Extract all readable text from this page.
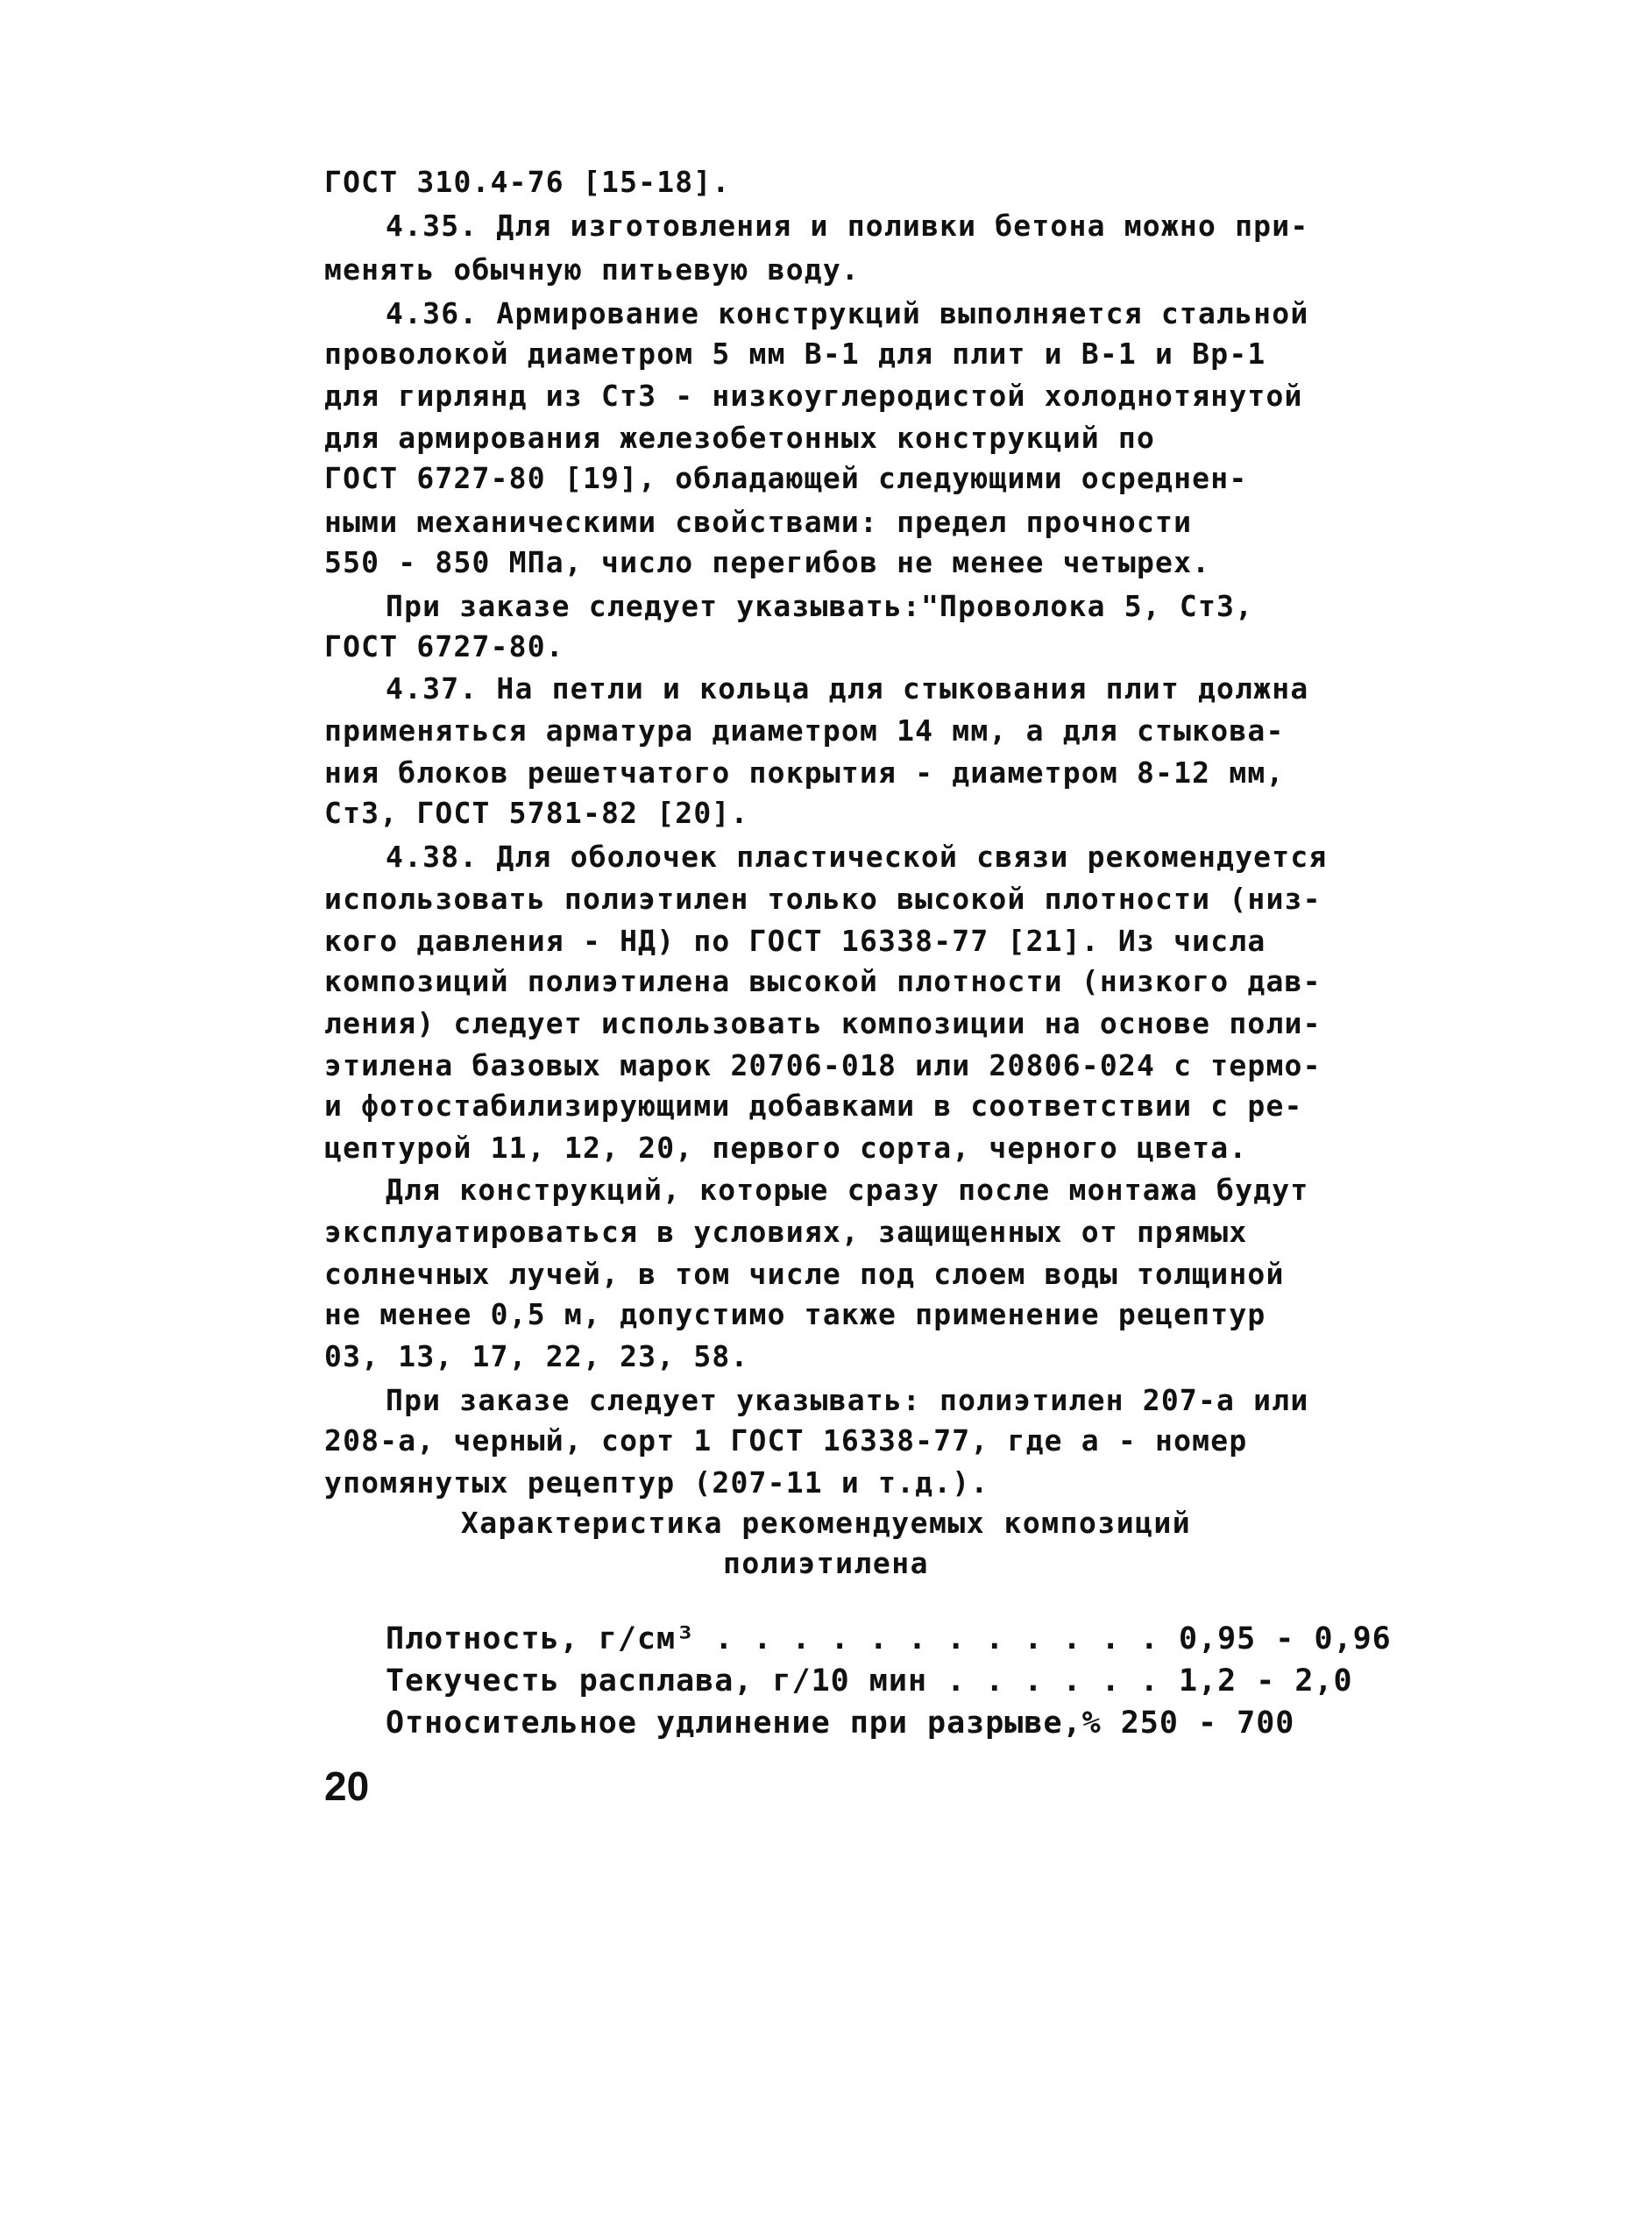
ГОСТ 310.4-76 [15-18].
4.35. Для изготовления и поливки бетона можно при-
менять обычную питьевую воду.
4.36. Армирование конструкций выполняется стальной
проволокой диаметром 5 мм В-1 для плит и В-1 и Вр-1
для гирлянд из Ст3 - низкоуглеродистой холоднотянутой
для армирования железобетонных конструкций по
ГОСТ 6727-80 [19], обладающей следующими осреднен-
ными механическими свойствами: предел прочности
550 - 850 МПа, число перегибов не менее четырех.
При заказе следует указывать:"Проволока 5, Ст3,
ГОСТ 6727-80.
4.37. На петли и кольца для стыкования плит должна
применяться арматура диаметром 14 мм, а для стыкова-
ния блоков решетчатого покрытия - диаметром 8-12 мм,
Ст3, ГОСТ 5781-82 [20].
4.38. Для оболочек пластической связи рекомендуется
использовать полиэтилен только высокой плотности (низ-
кого давления - НД) по ГОСТ 16338-77 [21]. Из числа
композиций полиэтилена высокой плотности (низкого дав-
ления) следует использовать композиции на основе поли-
этилена базовых марок 20706-018 или 20806-024 с термо-
и фотостабилизирующими добавками в соответствии с ре-
цептурой 11, 12, 20, первого сорта, черного цвета.
Для конструкций, которые сразу после монтажа будут
эксплуатироваться в условиях, защищенных от прямых
солнечных лучей, в том числе под слоем воды толщиной
не менее 0,5 м, допустимо также применение рецептур
03, 13, 17, 22, 23, 58.
При заказе следует указывать: полиэтилен 207-а или
208-а, черный, сорт 1 ГОСТ 16338-77, где а - номер
упомянутых рецептур (207-11 и т.д.).
Характеристика рекомендуемых композиций
полиэтилена
Плотность, г/см³ . . . . . . . . . . . . 0,95 - 0,96
Текучесть расплава, г/10 мин . . . . . . 1,2 - 2,0
Относительное удлинение при разрыве,% 250 - 700
20
